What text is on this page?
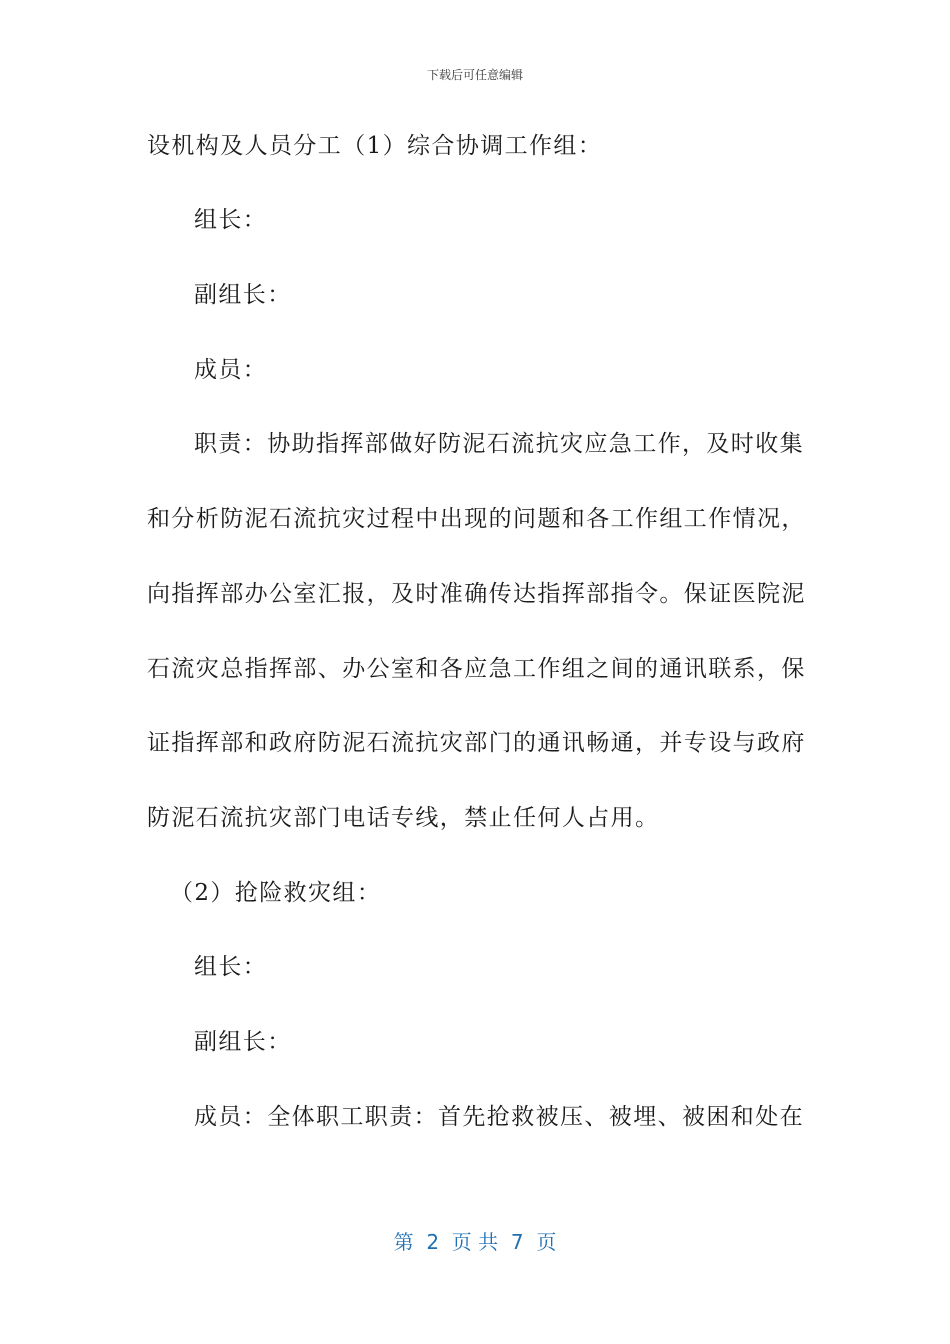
下载后可任意编辑
设机构及人员分工（1）综合协调工作组：
组长：
副组长：
成员：
职责：协助指挥部做好防泥石流抗灾应急工作，及时收集
和分析防泥石流抗灾过程中出现的问题和各工作组工作情况，
向指挥部办公室汇报，及时准确传达指挥部指令。保证医院泥
石流灾总指挥部、办公室和各应急工作组之间的通讯联系，保
证指挥部和政府防泥石流抗灾部门的通讯畅通，并专设与政府
防泥石流抗灾部门电话专线，禁止任何人占用。
（2）抢险救灾组：
组长：
副组长：
成员：全体职工职责：首先抢救被压、被埋、被困和处在
第  2  页 共  7  页
